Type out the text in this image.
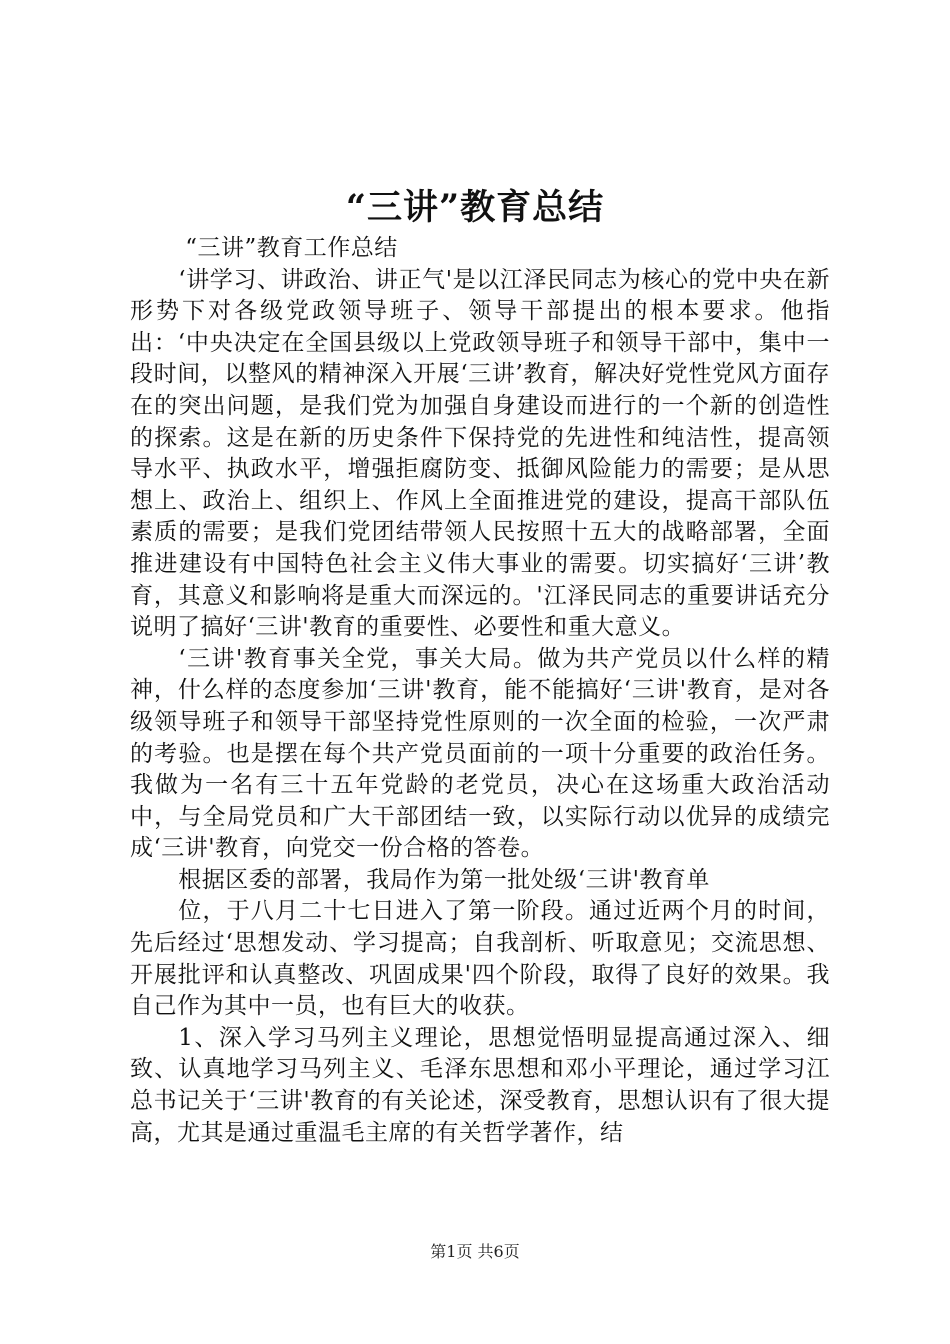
“三讲”教育总结

“三讲”教育工作总结

‘讲学习、讲政治、讲正气'是以江泽民同志为核心的党中央在新形势下对各级党政领导班子、领导干部提出的根本要求。他指出：‘中央决定在全国县级以上党政领导班子和领导干部中，集中一段时间，以整风的精神深入开展‘三讲’教育，解决好党性党风方面存在的突出问题，是我们党为加强自身建设而进行的一个新的创造性的探索。这是在新的历史条件下保持党的先进性和纯洁性，提高领导水平、执政水平，增强拒腐防变、抵御风险能力的需要；是从思想上、政治上、组织上、作风上全面推进党的建设，提高干部队伍素质的需要；是我们党团结带领人民按照十五大的战略部署，全面推进建设有中国特色社会主义伟大事业的需要。切实搞好‘三讲’教育，其意义和影响将是重大而深远的。'江泽民同志的重要讲话充分说明了搞好‘三讲'教育的重要性、必要性和重大意义。

‘三讲'教育事关全党，事关大局。做为共产党员以什么样的精神，什么样的态度参加‘三讲'教育，能不能搞好‘三讲'教育，是对各级领导班子和领导干部坚持党性原则的一次全面的检验，一次严肃的考验。也是摆在每个共产党员面前的一项十分重要的政治任务。我做为一名有三十五年党龄的老党员，决心在这场重大政治活动中，与全局党员和广大干部团结一致，以实际行动以优异的成绩完成‘三讲'教育，向党交一份合格的答卷。

根据区委的部署，我局作为第一批处级‘三讲'教育单

位，于八月二十七日进入了第一阶段。通过近两个月的时间，先后经过‘思想发动、学习提高；自我剖析、听取意见；交流思想、开展批评和认真整改、巩固成果'四个阶段，取得了良好的效果。我自己作为其中一员，也有巨大的收获。

1、深入学习马列主义理论，思想觉悟明显提高通过深入、细致、认真地学习马列主义、毛泽东思想和邓小平理论，通过学习江总书记关于‘三讲'教育的有关论述，深受教育，思想认识有了很大提高，尤其是通过重温毛主席的有关哲学著作，结

第1页 共6页
